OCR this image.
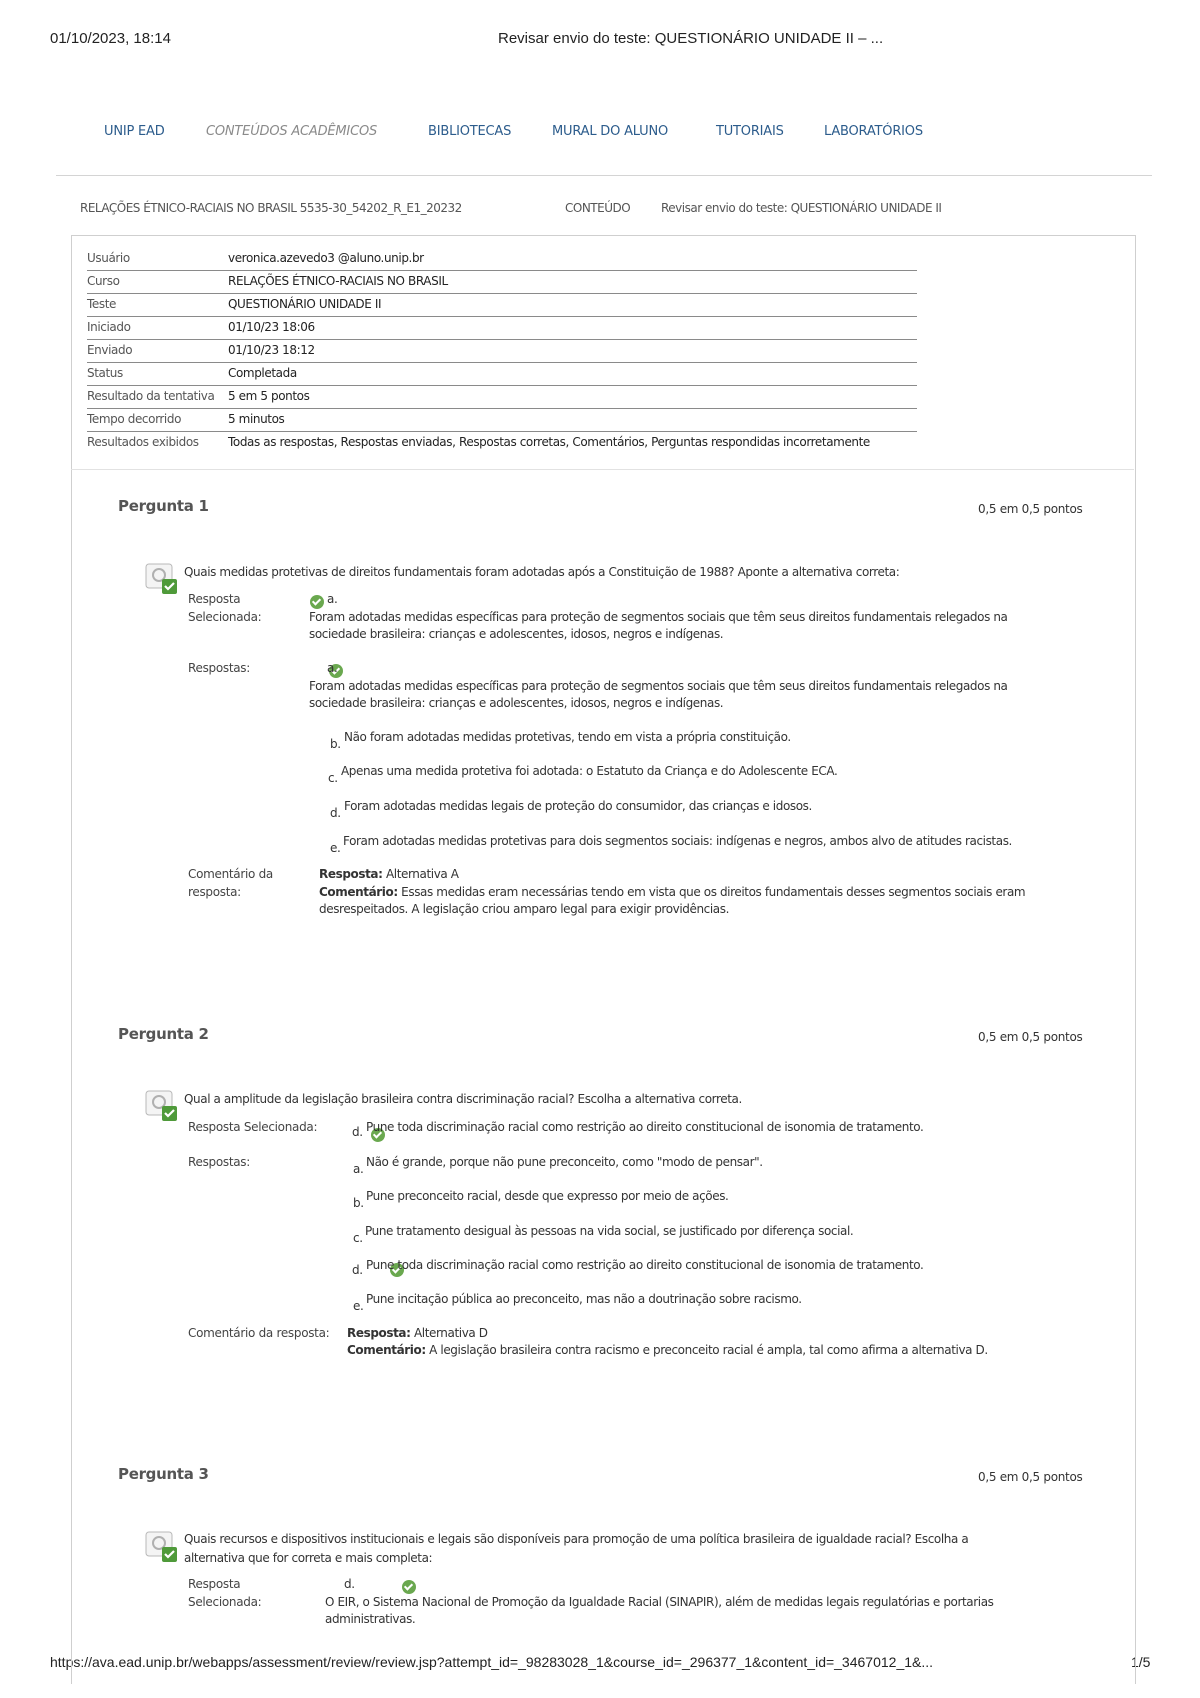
01/10/2023, 18:14	Revisar envio do teste: QUESTIONÁRIO UNIDADE II – ...
https://ava.ead.unip.br/webapps/assessment/review/review.jsp?attempt_id=_98283028_1&course_id=_296377_1&content_id=_3467012_1&...	1/5
UNIP EAD	CONTEÚDOS ACADÊMICOS	BIBLIOTECAS	MURAL DO ALUNO	TUTORIAIS	LABORATÓRIOS
RELAÇÕES ÉTNICO-RACIAIS NO BRASIL 5535-30_54202_R_E1_20232	CONTEÚDO	Revisar envio do teste: QUESTIONÁRIO UNIDADE II
Usuário	veronica.azevedo3 @aluno.unip.br
Curso	RELAÇÕES ÉTNICO-RACIAIS NO BRASIL
Teste	QUESTIONÁRIO UNIDADE II
Iniciado	01/10/23 18:06
Enviado	01/10/23 18:12
Status	Completada
Resultado da tentativa 5 em 5 pontos
Tempo decorrido	5 minutos
Resultados exibidos Todas as respostas, Respostas enviadas, Respostas corretas, Comentários, Perguntas respondidas incorretamente
Pergunta 1	0,5 em 0,5 pontos
Quais medidas protetivas de direitos fundamentais foram adotadas após a Constituição de 1988? Aponte a alternativa correta:
Resposta
Selecionada:

a.
Foram adotadas medidas específicas para proteção de segmentos sociais que têm seus direitos fundamentais relegados na
sociedade brasileira: crianças e adolescentes, idosos, negros e indígenas.
Respostas:
	a.
Foram adotadas medidas específicas para proteção de segmentos sociais que têm seus direitos fundamentais relegados na
sociedade brasileira: crianças e adolescentes, idosos, negros e indígenas.
b. Não foram adotadas medidas protetivas, tendo em vista a própria constituição.
c. Apenas uma medida protetiva foi adotada: o Estatuto da Criança e do Adolescente ECA.
d. Foram adotadas medidas legais de proteção do consumidor, das crianças e idosos.
e. Foram adotadas medidas protetivas para dois segmentos sociais: indígenas e negros, ambos alvo de atitudes racistas.
Comentário da
resposta:
Resposta: Alternativa A
Comentário: Essas medidas eram necessárias tendo em vista que os direitos fundamentais desses segmentos sociais eram
desrespeitados. A legislação criou amparo legal para exigir providências.
Pergunta 2	0,5 em 0,5 pontos
Qual a amplitude da legislação brasileira contra discriminação racial? Escolha a alternativa correta.
Resposta Selecionada:
	d. Pune toda discriminação racial como restrição ao direito constitucional de isonomia de tratamento.
Respostas:	a. Não é grande, porque não pune preconceito, como "modo de pensar".
b. Pune preconceito racial, desde que expresso por meio de ações.
c. Pune tratamento desigual às pessoas na vida social, se justificado por diferença social.

d. Pune toda discriminação racial como restrição ao direito constitucional de isonomia de tratamento.
e. Pune incitação pública ao preconceito, mas não a doutrinação sobre racismo.
Comentário da resposta: Resposta: Alternativa D
Comentário: A legislação brasileira contra racismo e preconceito racial é ampla, tal como afirma a alternativa D.
Pergunta 3	0,5 em 0,5 pontos
Quais recursos e dispositivos institucionais e legais são disponíveis para promoção de uma política brasileira de igualdade racial? Escolha a
alternativa que for correta e mais completa:
Resposta
Selecionada:
d.
O EIR, o Sistema Nacional de Promoção da Igualdade Racial (SINAPIR), além de medidas legais regulatórias e portarias
administrativas.
